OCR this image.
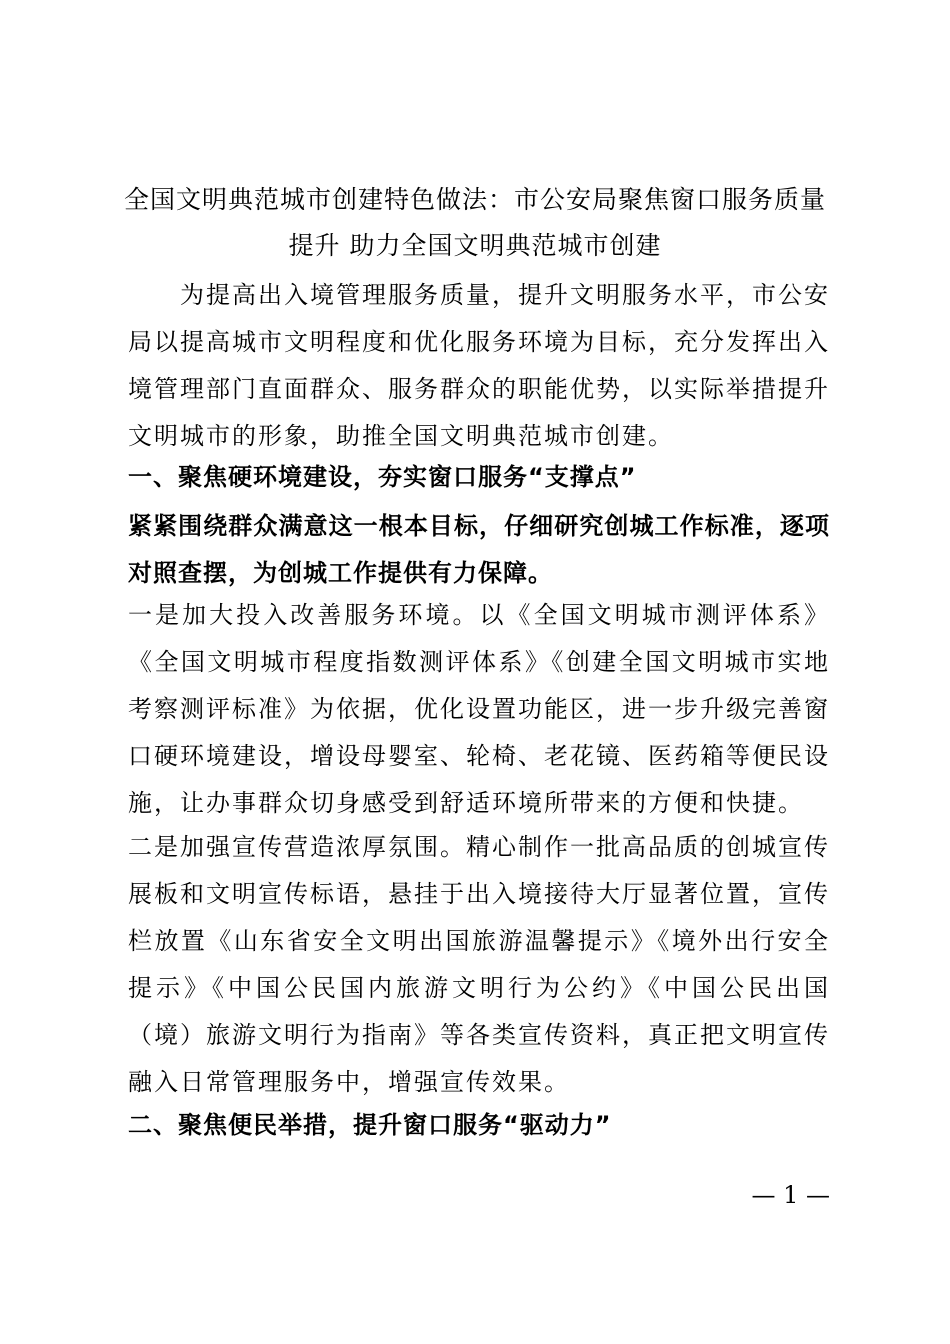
全国文明典范城市创建特色做法：市公安局聚焦窗口服务质量
提升 助力全国文明典范城市创建
为提高出入境管理服务质量，提升文明服务水平，市公安局以提高城市文明程度和优化服务环境为目标，充分发挥出入境管理部门直面群众、服务群众的职能优势，以实际举措提升文明城市的形象，助推全国文明典范城市创建。
一、聚焦硬环境建设，夯实窗口服务“支撑点”
紧紧围绕群众满意这一根本目标，仔细研究创城工作标准，逐项对照查摆，为创城工作提供有力保障。
一是加大投入改善服务环境。以《全国文明城市测评体系》《全国文明城市程度指数测评体系》《创建全国文明城市实地考察测评标准》为依据，优化设置功能区，进一步升级完善窗口硬环境建设，增设母婴室、轮椅、老花镜、医药箱等便民设施，让办事群众切身感受到舒适环境所带来的方便和快捷。
二是加强宣传营造浓厚氛围。精心制作一批高品质的创城宣传展板和文明宣传标语，悬挂于出入境接待大厅显著位置，宣传栏放置《山东省安全文明出国旅游温馨提示》《境外出行安全提示》《中国公民国内旅游文明行为公约》《中国公民出国（境）旅游文明行为指南》等各类宣传资料，真正把文明宣传融入日常管理服务中，增强宣传效果。
二、聚焦便民举措，提升窗口服务“驱动力”
— 1 —
